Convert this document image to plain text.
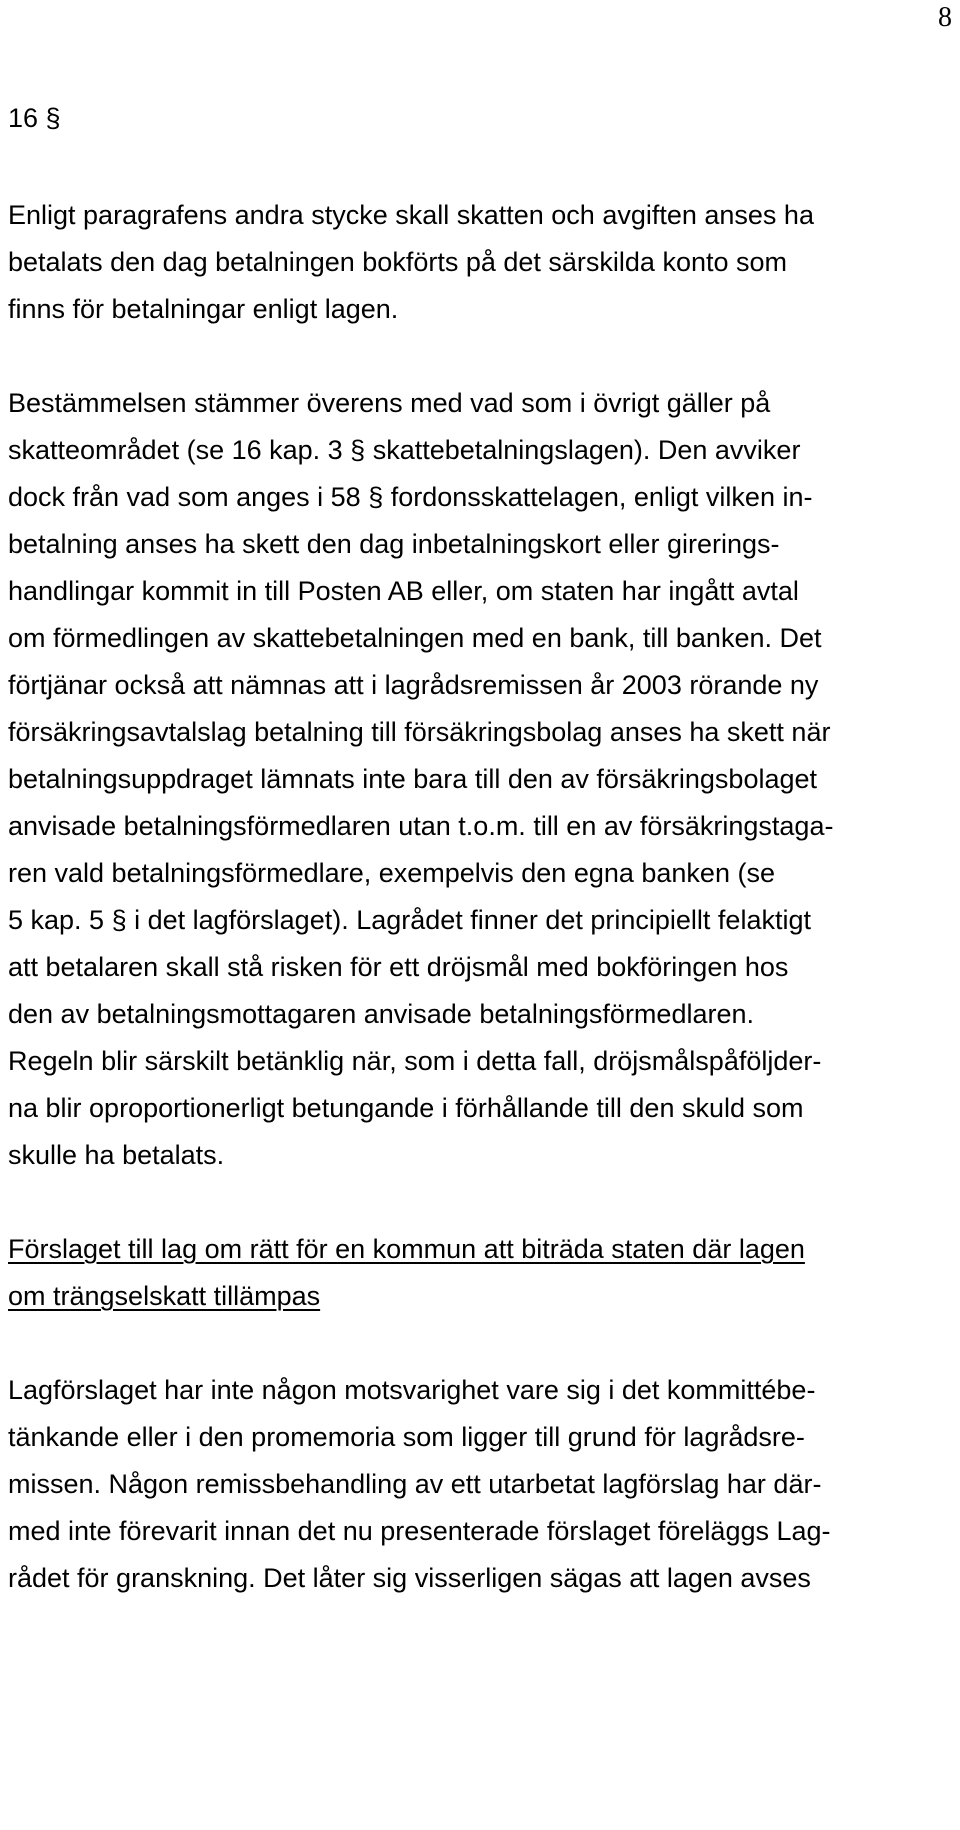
8
16 §
Enligt paragrafens andra stycke skall skatten och avgiften anses ha
betalats den dag betalningen bokförts på det särskilda konto som
finns för betalningar enligt lagen.
Bestämmelsen stämmer överens med vad som i övrigt gäller på
skatteområdet (se 16 kap. 3 § skattebetalningslagen). Den avviker
dock från vad som anges i 58 § fordonsskattelagen, enligt vilken in-
betalning anses ha skett den dag inbetalningskort eller girerings-
handlingar kommit in till Posten AB eller, om staten har ingått avtal
om förmedlingen av skattebetalningen med en bank, till banken. Det
förtjänar också att nämnas att i lagrådsremissen år 2003 rörande ny
försäkringsavtalslag betalning till försäkringsbolag anses ha skett när
betalningsuppdraget lämnats inte bara till den av försäkringsbolaget
anvisade betalningsförmedlaren utan t.o.m. till en av försäkringstaga-
ren vald betalningsförmedlare, exempelvis den egna banken (se
5 kap. 5 § i det lagförslaget). Lagrådet finner det principiellt felaktigt
att betalaren skall stå risken för ett dröjsmål med bokföringen hos
den av betalningsmottagaren anvisade betalningsförmedlaren.
Regeln blir särskilt betänklig när, som i detta fall, dröjsmålspåföljder-
na blir oproportionerligt betungande i förhållande till den skuld som
skulle ha betalats.
Förslaget till lag om rätt för en kommun att biträda staten där lagen
om trängselskatt tillämpas
Lagförslaget har inte någon motsvarighet vare sig i det kommittébe-
tänkande eller i den promemoria som ligger till grund för lagrådsre-
missen. Någon remissbehandling av ett utarbetat lagförslag har där-
med inte förevarit innan det nu presenterade förslaget föreläggs Lag-
rådet för granskning. Det låter sig visserligen sägas att lagen avses
